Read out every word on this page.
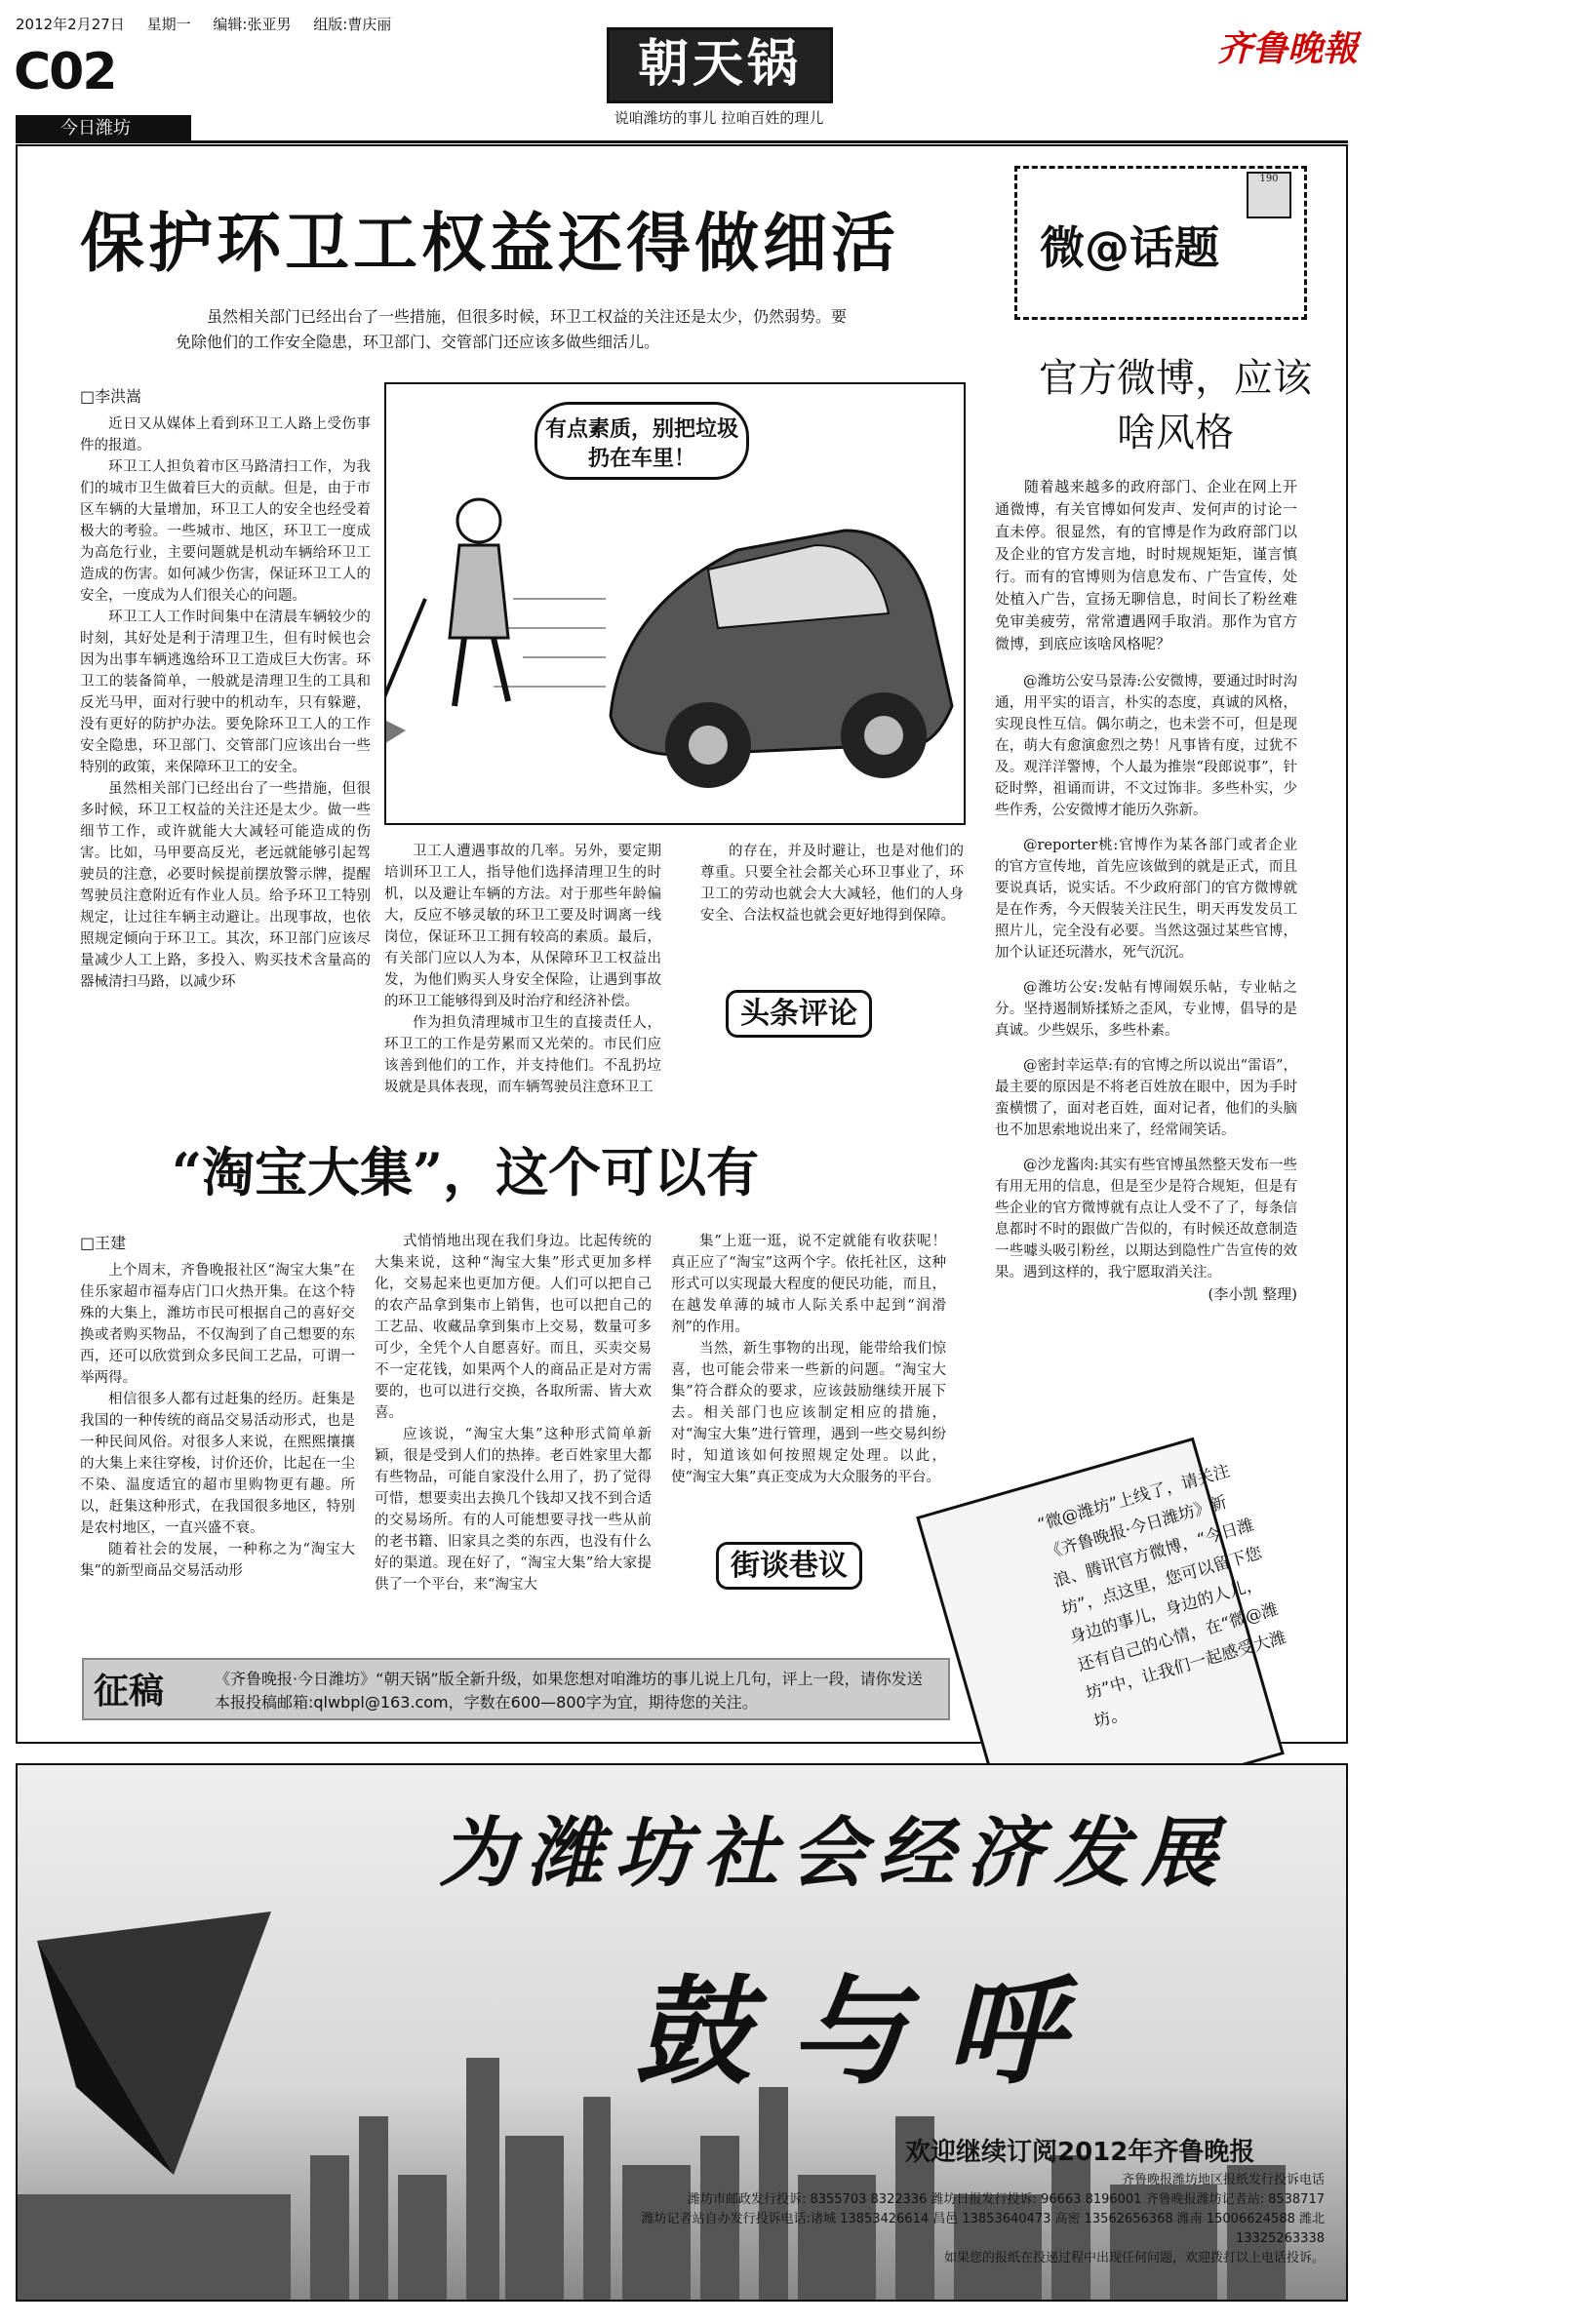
2012年2月27日 星期一 编辑:张亚男 组版:曹庆丽
C02
今日潍坊
朝天锅
说咱潍坊的事儿 拉咱百姓的理儿
齐鲁晚報
保护环卫工权益还得做细活
虽然相关部门已经出台了一些措施，但很多时候，环卫工权益的关注还是太少，仍然弱势。要免除他们的工作安全隐患，环卫部门、交管部门还应该多做些细活儿。
□李洪嵩

近日又从媒体上看到环卫工人路上受伤事件的报道。

环卫工人担负着市区马路清扫工作，为我们的城市卫生做着巨大的贡献。但是，由于市区车辆的大量增加，环卫工人的安全也经受着极大的考验。一些城市、地区，环卫工一度成为高危行业，主要问题就是机动车辆给环卫工造成的伤害。如何减少伤害，保证环卫工人的安全，一度成为人们很关心的问题。

环卫工人工作时间集中在清晨车辆较少的时刻，其好处是利于清理卫生，但有时候也会因为出事车辆逃逸给环卫工造成巨大伤害。环卫工的装备简单，一般就是清理卫生的工具和反光马甲，面对行驶中的机动车，只有躲避，没有更好的防护办法。要免除环卫工人的工作安全隐患，环卫部门、交管部门应该出台一些特别的政策，来保障环卫工的安全。

虽然相关部门已经出台了一些措施，但很多时候，环卫工权益的关注还是太少。做一些细节工作，或许就能大大减轻可能造成的伤害。比如，马甲要高反光，老远就能够引起驾驶员的注意，必要时候提前摆放警示牌，提醒驾驶员注意附近有作业人员。给予环卫工特别规定，让过往车辆主动避让。出现事故，也依照规定倾向于环卫工。其次，环卫部门应该尽量减少人工上路，多投入、购买技术含量高的器械清扫马路，以减少环

有点素质，别把垃圾扔在车里！

卫工人遭遇事故的几率。另外，要定期培训环卫工人，指导他们选择清理卫生的时机，以及避让车辆的方法。对于那些年龄偏大，反应不够灵敏的环卫工要及时调离一线岗位，保证环卫工拥有较高的素质。最后，有关部门应以人为本，从保障环卫工权益出发，为他们购买人身安全保险，让遇到事故的环卫工能够得到及时治疗和经济补偿。

作为担负清理城市卫生的直接责任人，环卫工的工作是劳累而又光荣的。市民们应该善到他们的工作，并支持他们。不乱扔垃圾就是具体表现，而车辆驾驶员注意环卫工

的存在，并及时避让，也是对他们的尊重。只要全社会都关心环卫事业了，环卫工的劳动也就会大大减轻，他们的人身安全、合法权益也就会更好地得到保障。

头条评论
微@话题
190
官方微博，应该啥风格

随着越来越多的政府部门、企业在网上开通微博，有关官博如何发声、发何声的讨论一直未停。很显然，有的官博是作为政府部门以及企业的官方发言地，时时规规矩矩，谨言慎行。而有的官博则为信息发布、广告宣传，处处植入广告，宣扬无聊信息，时间长了粉丝难免审美疲劳，常常遭遇网手取消。那作为官方微博，到底应该啥风格呢？

@潍坊公安马景涛:公安微博，要通过时时沟通，用平实的语言，朴实的态度，真诚的风格，实现良性互信。偶尔萌之，也未尝不可，但是现在，萌大有愈演愈烈之势！凡事皆有度，过犹不及。观洋洋警博，个人最为推崇“段郎说事”，针砭时弊，祖诵而讲，不文过饰非。多些朴实，少些作秀，公安微博才能历久弥新。

@reporter桃:官博作为某各部门或者企业的官方宣传地，首先应该做到的就是正式，而且要说真话，说实话。不少政府部门的官方微博就是在作秀，今天假装关注民生，明天再发发员工照片儿，完全没有必要。当然这强过某些官博，加个认证还玩潜水，死气沉沉。

@潍坊公安:发帖有博闹娱乐帖，专业帖之分。坚持遏制矫揉矫之歪风，专业博，倡导的是真诚。少些娱乐，多些朴素。

@密封幸运草:有的官博之所以说出“雷语”，最主要的原因是不将老百姓放在眼中，因为手时蛮横惯了，面对老百姓，面对记者，他们的头脑也不加思索地说出来了，经常闹笑话。

@沙龙酱肉:其实有些官博虽然整天发布一些有用无用的信息，但是至少是符合规矩，但是有些企业的官方微博就有点让人受不了了，每条信息都时不时的跟做广告似的，有时候还故意制造一些噱头吸引粉丝，以期达到隐性广告宣传的效果。遇到这样的，我宁愿取消关注。

(李小凯 整理)
“淘宝大集”，这个可以有
□王建

上个周末，齐鲁晚报社区“淘宝大集”在佳乐家超市福寿店门口火热开集。在这个特殊的大集上，潍坊市民可根据自己的喜好交换或者购买物品，不仅淘到了自己想要的东西，还可以欣赏到众多民间工艺品，可谓一举两得。

相信很多人都有过赶集的经历。赶集是我国的一种传统的商品交易活动形式，也是一种民间风俗。对很多人来说，在熙熙攘攘的大集上来往穿梭，讨价还价，比起在一尘不染、温度适宜的超市里购物更有趣。所以，赶集这种形式，在我国很多地区，特别是农村地区，一直兴盛不衰。

随着社会的发展，一种称之为“淘宝大集”的新型商品交易活动形

式悄悄地出现在我们身边。比起传统的大集来说，这种“淘宝大集”形式更加多样化，交易起来也更加方便。人们可以把自己的农产品拿到集市上销售，也可以把自己的工艺品、收藏品拿到集市上交易，数量可多可少，全凭个人自愿喜好。而且，买卖交易不一定花钱，如果两个人的商品正是对方需要的，也可以进行交换，各取所需、皆大欢喜。

应该说，“淘宝大集”这种形式简单新颖，很是受到人们的热捧。老百姓家里大都有些物品，可能自家没什么用了，扔了觉得可惜，想要卖出去换几个钱却又找不到合适的交易场所。有的人可能想要寻找一些从前的老书籍、旧家具之类的东西，也没有什么好的渠道。现在好了，“淘宝大集”给大家提供了一个平台，来“淘宝大

集”上逛一逛，说不定就能有收获呢！真正应了“淘宝”这两个字。依托社区，这种形式可以实现最大程度的便民功能，而且，在越发单薄的城市人际关系中起到“润滑剂”的作用。

当然，新生事物的出现，能带给我们惊喜，也可能会带来一些新的问题。“淘宝大集”符合群众的要求，应该鼓励继续开展下去。相关部门也应该制定相应的措施，对“淘宝大集”进行管理，遇到一些交易纠纷时，知道该如何按照规定处理。以此，使“淘宝大集”真正变成为大众服务的平台。

街谈巷议
征稿	《齐鲁晚报·今日潍坊》“朝天锅”版全新升级，如果您想对咱潍坊的事儿说上几句，评上一段，请你发送本报投稿邮箱:qlwbpl@163.com，字数在600—800字为宜，期待您的关注。
“微@潍坊”上线了，请关注《齐鲁晚报·今日潍坊》新浪、腾讯官方微博，“今日潍坊”，点这里，您可以留下您身边的事儿，身边的人儿，还有自己的心情，在“微@潍坊”中，让我们一起感受大潍坊。
为潍坊社会经济发展
鼓与呼
欢迎继续订阅2012年齐鲁晚报
齐鲁晚报潍坊地区报纸发行投诉电话
潍坊市邮政发行投诉: 8355703 8322336 潍坊日报发行投诉: 96663 8196001 齐鲁晚报潍坊记者站: 8538717
潍坊记者站自办发行投诉电话:诸城 13853426614 昌邑 13853640473 高密 13562656368 潍南 15006624588 潍北 13325263338
如果您的报纸在投递过程中出现任何问题，欢迎拨打以上电话投诉。
